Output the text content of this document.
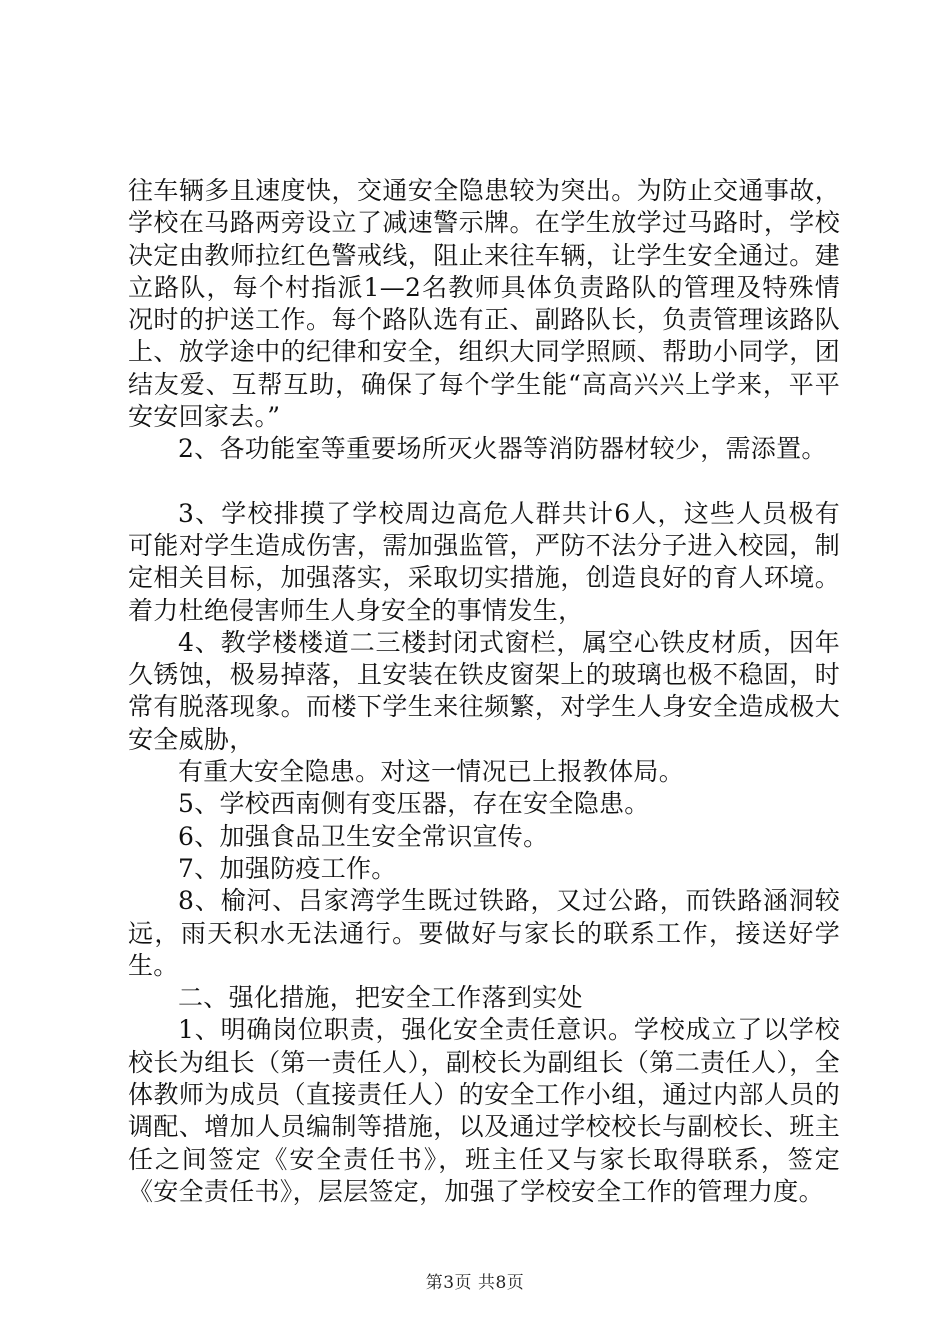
往车辆多且速度快，交通安全隐患较为突出。为防止交通事故，学校在马路两旁设立了减速警示牌。在学生放学过马路时，学校决定由教师拉红色警戒线，阻止来往车辆，让学生安全通过。建立路队，每个村指派1—2名教师具体负责路队的管理及特殊情况时的护送工作。每个路队选有正、副路队长，负责管理该路队上、放学途中的纪律和安全，组织大同学照顾、帮助小同学，团结友爱、互帮互助，确保了每个学生能“高高兴兴上学来，平平安安回家去。”

2、各功能室等重要场所灭火器等消防器材较少，需添置。

3、学校排摸了学校周边高危人群共计6人，这些人员极有可能对学生造成伤害，需加强监管，严防不法分子进入校园，制定相关目标，加强落实，采取切实措施，创造良好的育人环境。着力杜绝侵害师生人身安全的事情发生，

4、教学楼楼道二三楼封闭式窗栏，属空心铁皮材质，因年久锈蚀，极易掉落，且安装在铁皮窗架上的玻璃也极不稳固，时常有脱落现象。而楼下学生来往频繁，对学生人身安全造成极大安全威胁，

有重大安全隐患。对这一情况已上报教体局。

5、学校西南侧有变压器，存在安全隐患。

6、加强食品卫生安全常识宣传。

7、加强防疫工作。

8、榆河、吕家湾学生既过铁路，又过公路，而铁路涵洞较远，雨天积水无法通行。要做好与家长的联系工作，接送好学生。

二、强化措施，把安全工作落到实处

1、明确岗位职责，强化安全责任意识。学校成立了以学校校长为组长（第一责任人），副校长为副组长（第二责任人），全体教师为成员（直接责任人）的安全工作小组，通过内部人员的调配、增加人员编制等措施，以及通过学校校长与副校长、班主任之间签定《安全责任书》，班主任又与家长取得联系，签定《安全责任书》，层层签定，加强了学校安全工作的管理力度。

第3页 共8页
